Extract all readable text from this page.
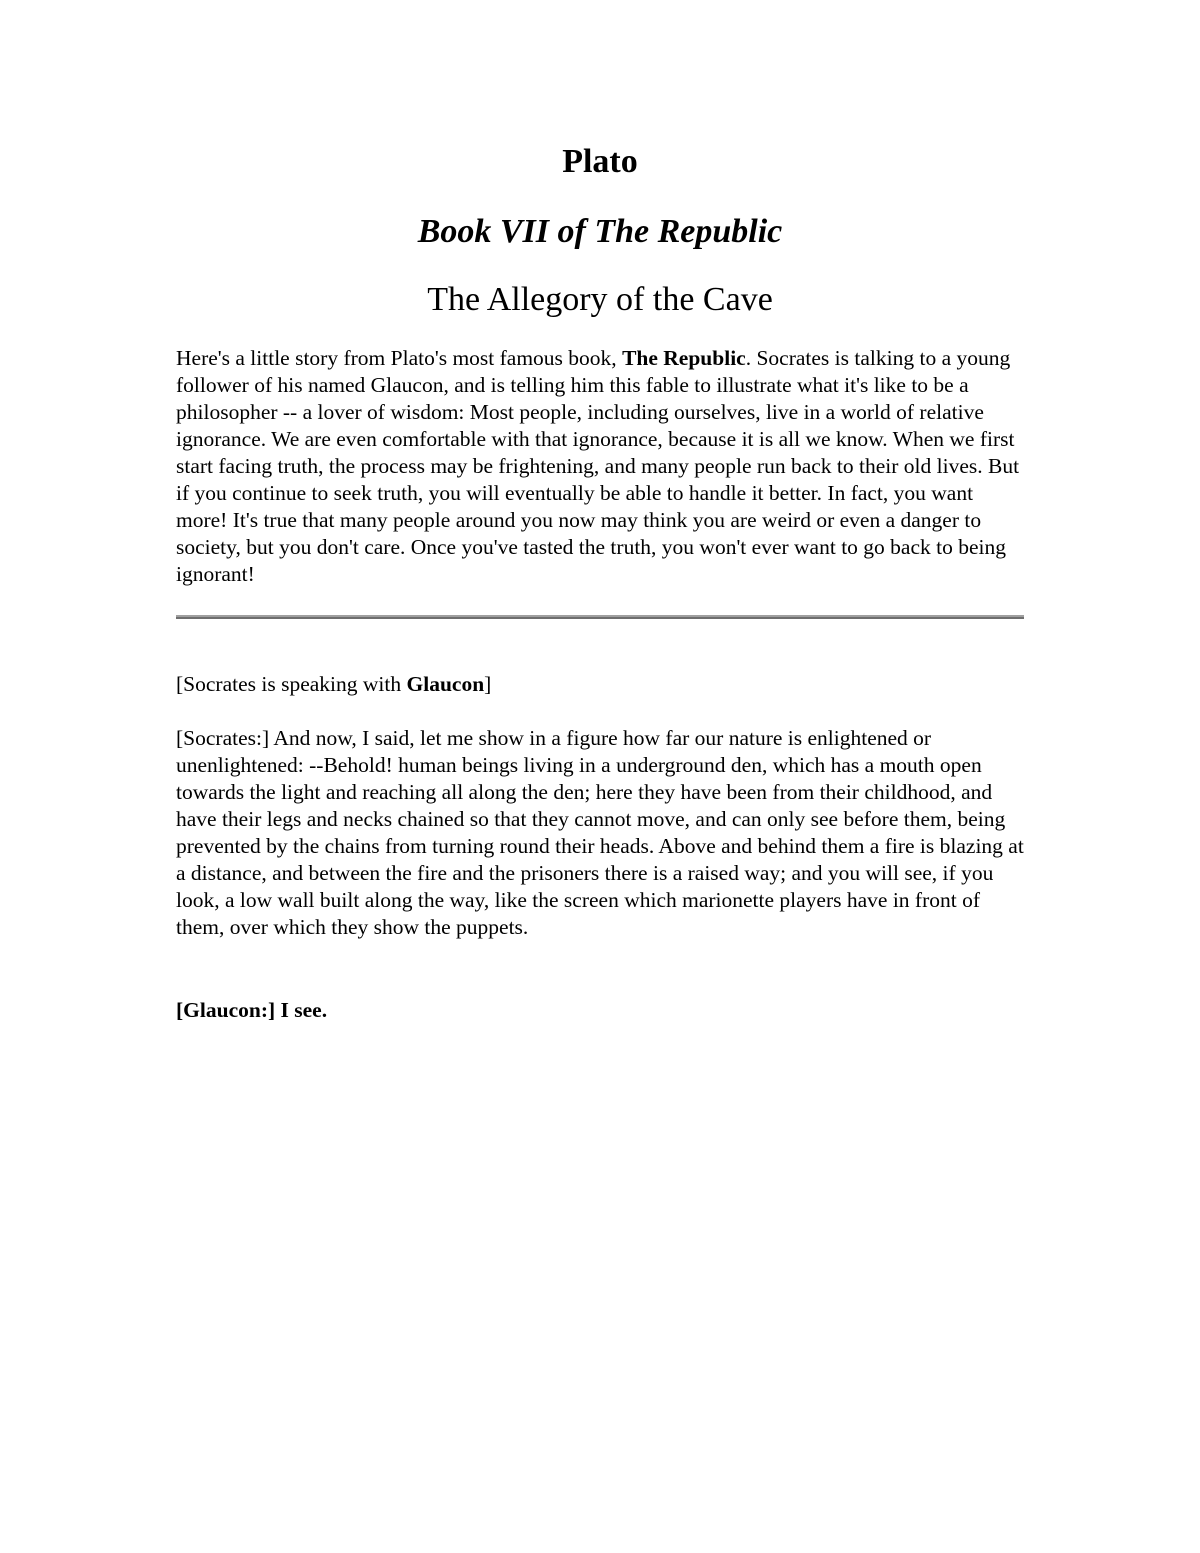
Plato
Book VII of The Republic
The Allegory of the Cave

Here's a little story from Plato's most famous book, The Republic. Socrates is talking to a young follower of his named Glaucon, and is telling him this fable to illustrate what it's like to be a philosopher -- a lover of wisdom: Most people, including ourselves, live in a world of relative ignorance. We are even comfortable with that ignorance, because it is all we know. When we first start facing truth, the process may be frightening, and many people run back to their old lives. But if you continue to seek truth, you will eventually be able to handle it better. In fact, you want more! It's true that many people around you now may think you are weird or even a danger to society, but you don't care. Once you've tasted the truth, you won't ever want to go back to being ignorant!

[Socrates is speaking with Glaucon]

[Socrates:] And now, I said, let me show in a figure how far our nature is enlightened or unenlightened: --Behold! human beings living in a underground den, which has a mouth open towards the light and reaching all along the den; here they have been from their childhood, and have their legs and necks chained so that they cannot move, and can only see before them, being prevented by the chains from turning round their heads. Above and behind them a fire is blazing at a distance, and between the fire and the prisoners there is a raised way; and you will see, if you look, a low wall built along the way, like the screen which marionette players have in front of them, over which they show the puppets.

[Glaucon:] I see.
